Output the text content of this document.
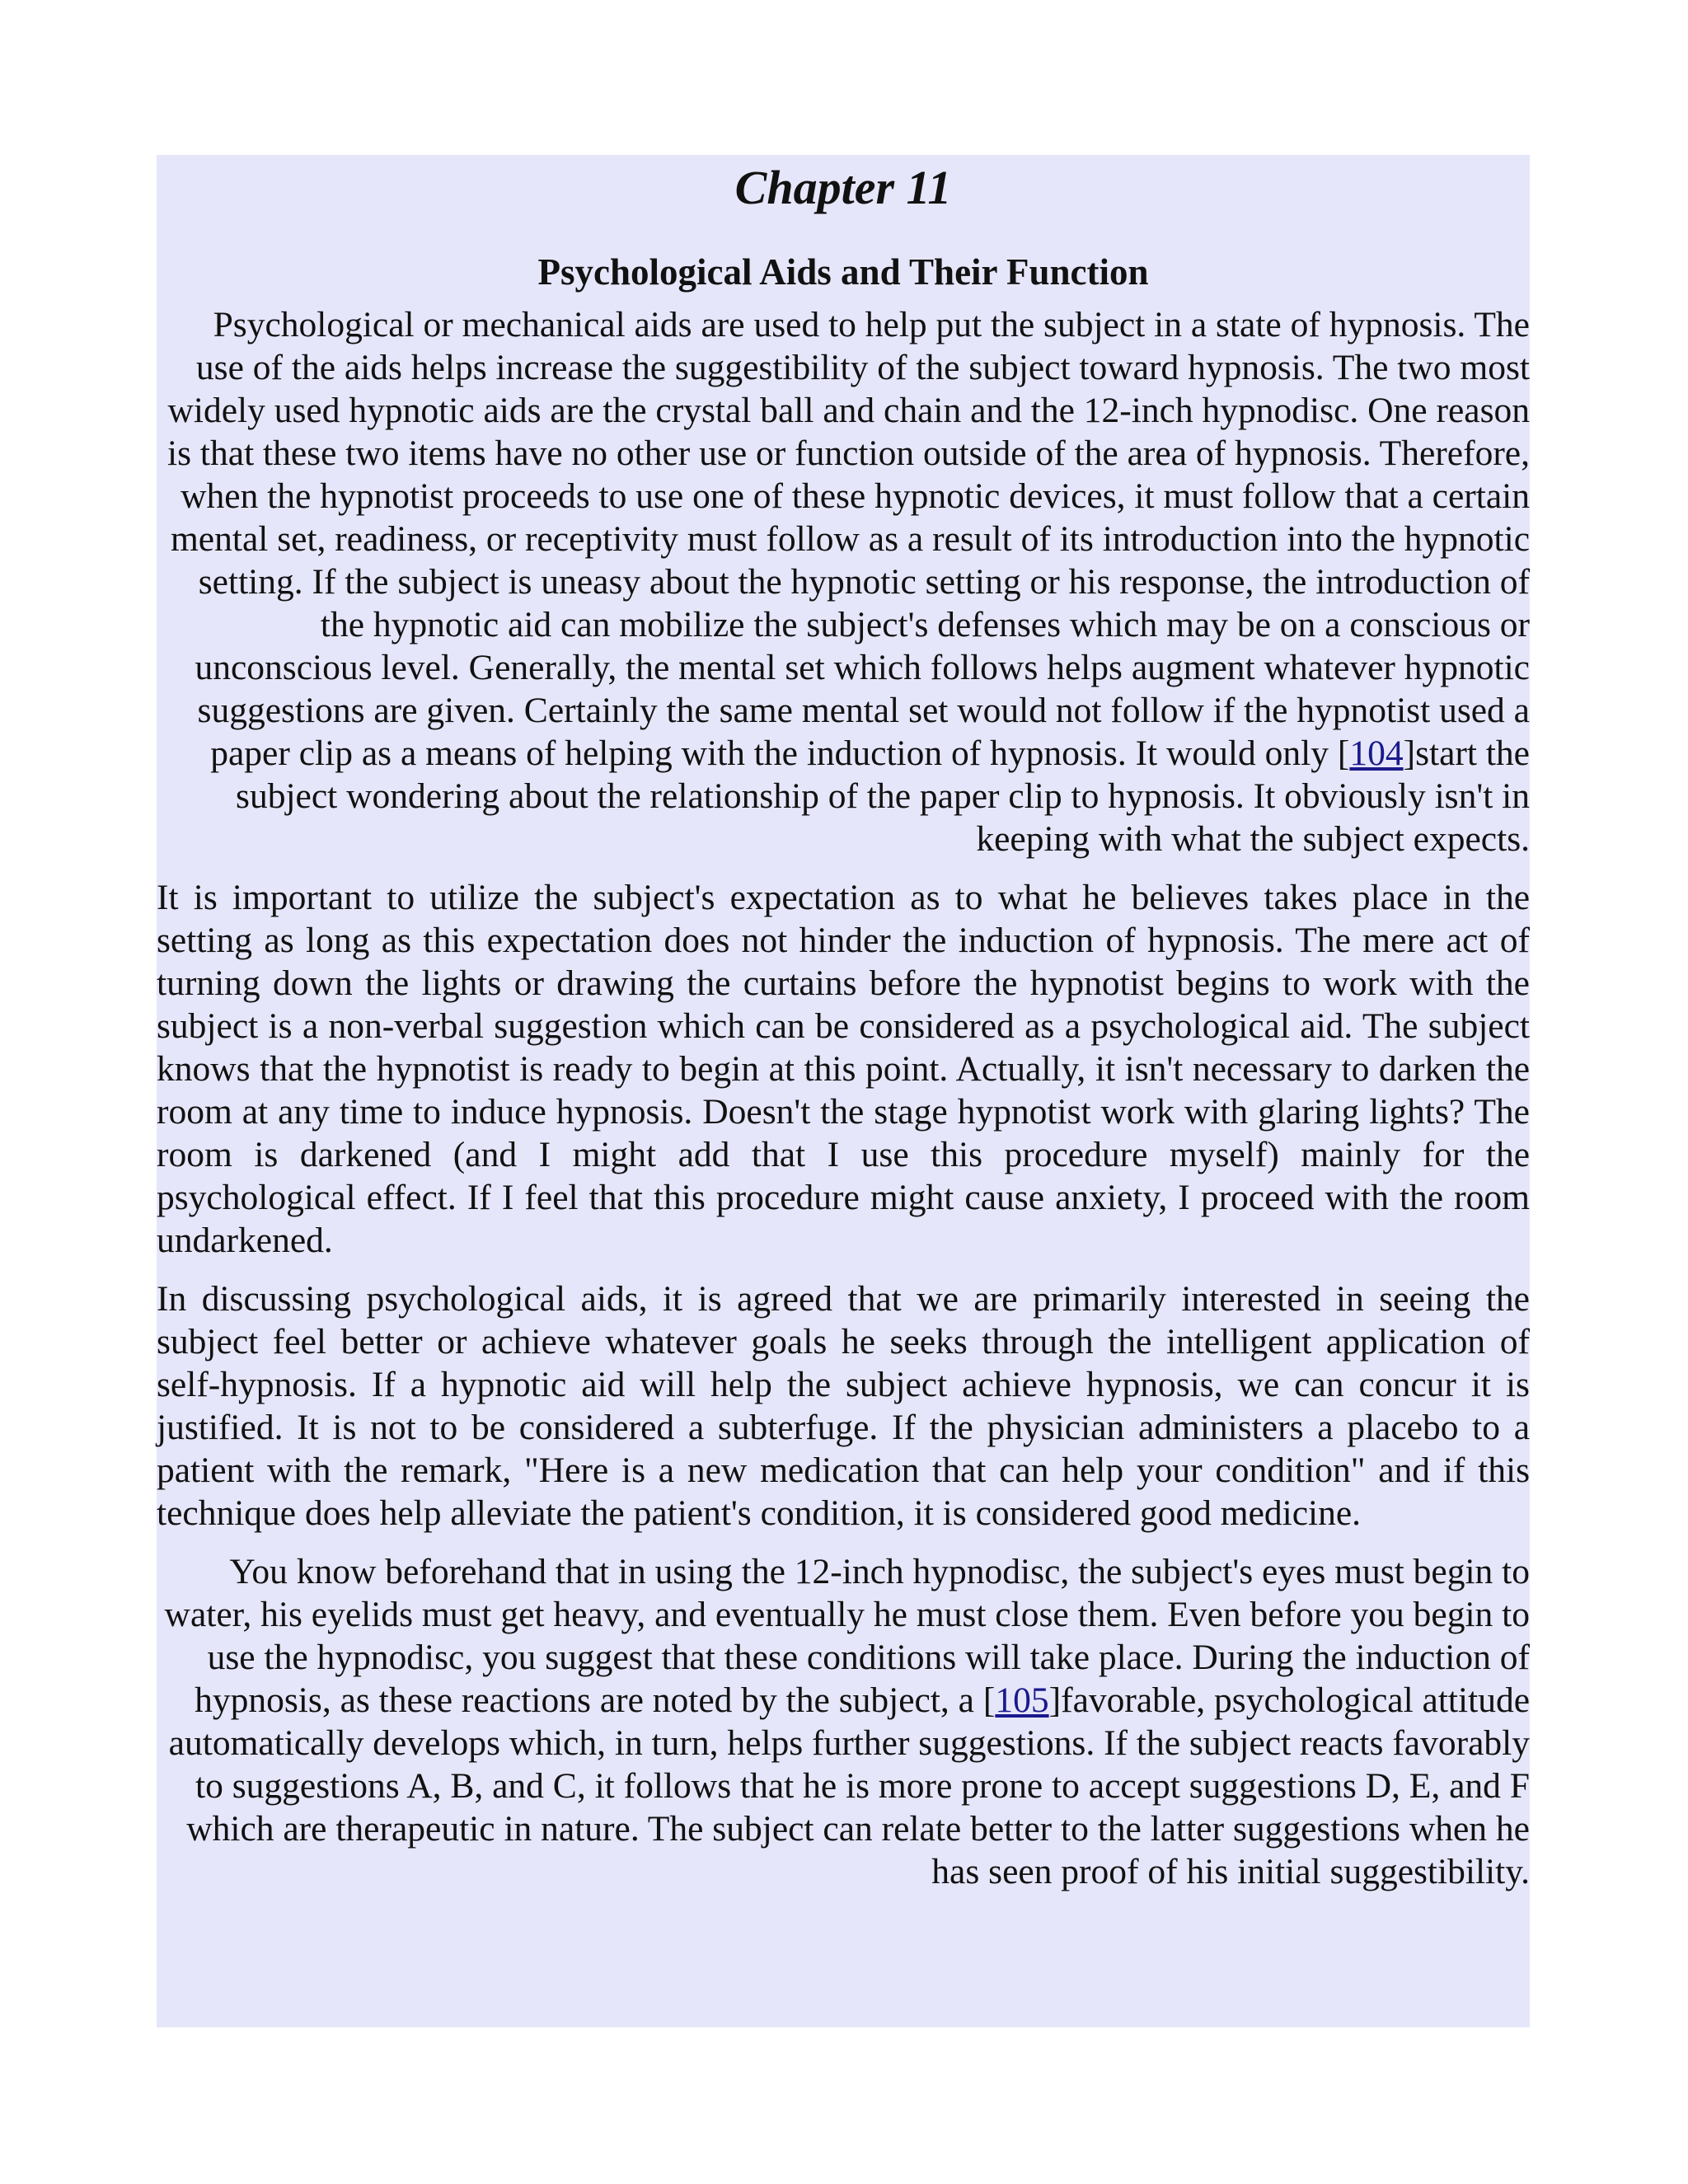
Chapter 11
Psychological Aids and Their Function

Psychological or mechanical aids are used to help put the subject in a state of hypnosis. The use of the aids helps increase the suggestibility of the subject toward hypnosis. The two most widely used hypnotic aids are the crystal ball and chain and the 12-inch hypnodisc. One reason is that these two items have no other use or function outside of the area of hypnosis. Therefore, when the hypnotist proceeds to use one of these hypnotic devices, it must follow that a certain mental set, readiness, or receptivity must follow as a result of its introduction into the hypnotic setting. If the subject is uneasy about the hypnotic setting or his response, the introduction of the hypnotic aid can mobilize the subject's defenses which may be on a conscious or unconscious level. Generally, the mental set which follows helps augment whatever hypnotic suggestions are given. Certainly the same mental set would not follow if the hypnotist used a paper clip as a means of helping with the induction of hypnosis. It would only [104]start the subject wondering about the relationship of the paper clip to hypnosis. It obviously isn't in keeping with what the subject expects.

It is important to utilize the subject's expectation as to what he believes takes place in the setting as long as this expectation does not hinder the induction of hypnosis. The mere act of turning down the lights or drawing the curtains before the hypnotist begins to work with the subject is a non-verbal suggestion which can be considered as a psychological aid. The subject knows that the hypnotist is ready to begin at this point. Actually, it isn't necessary to darken the room at any time to induce hypnosis. Doesn't the stage hypnotist work with glaring lights? The room is darkened (and I might add that I use this procedure myself) mainly for the psychological effect. If I feel that this procedure might cause anxiety, I proceed with the room undarkened.

In discussing psychological aids, it is agreed that we are primarily interested in seeing the subject feel better or achieve whatever goals he seeks through the intelligent application of self-hypnosis. If a hypnotic aid will help the subject achieve hypnosis, we can concur it is justified. It is not to be considered a subterfuge. If the physician administers a placebo to a patient with the remark, "Here is a new medication that can help your condition" and if this technique does help alleviate the patient's condition, it is considered good medicine.

You know beforehand that in using the 12-inch hypnodisc, the subject's eyes must begin to water, his eyelids must get heavy, and eventually he must close them. Even before you begin to use the hypnodisc, you suggest that these conditions will take place. During the induction of hypnosis, as these reactions are noted by the subject, a [105]favorable, psychological attitude automatically develops which, in turn, helps further suggestions. If the subject reacts favorably to suggestions A, B, and C, it follows that he is more prone to accept suggestions D, E, and F which are therapeutic in nature. The subject can relate better to the latter suggestions when he has seen proof of his initial suggestibility.
